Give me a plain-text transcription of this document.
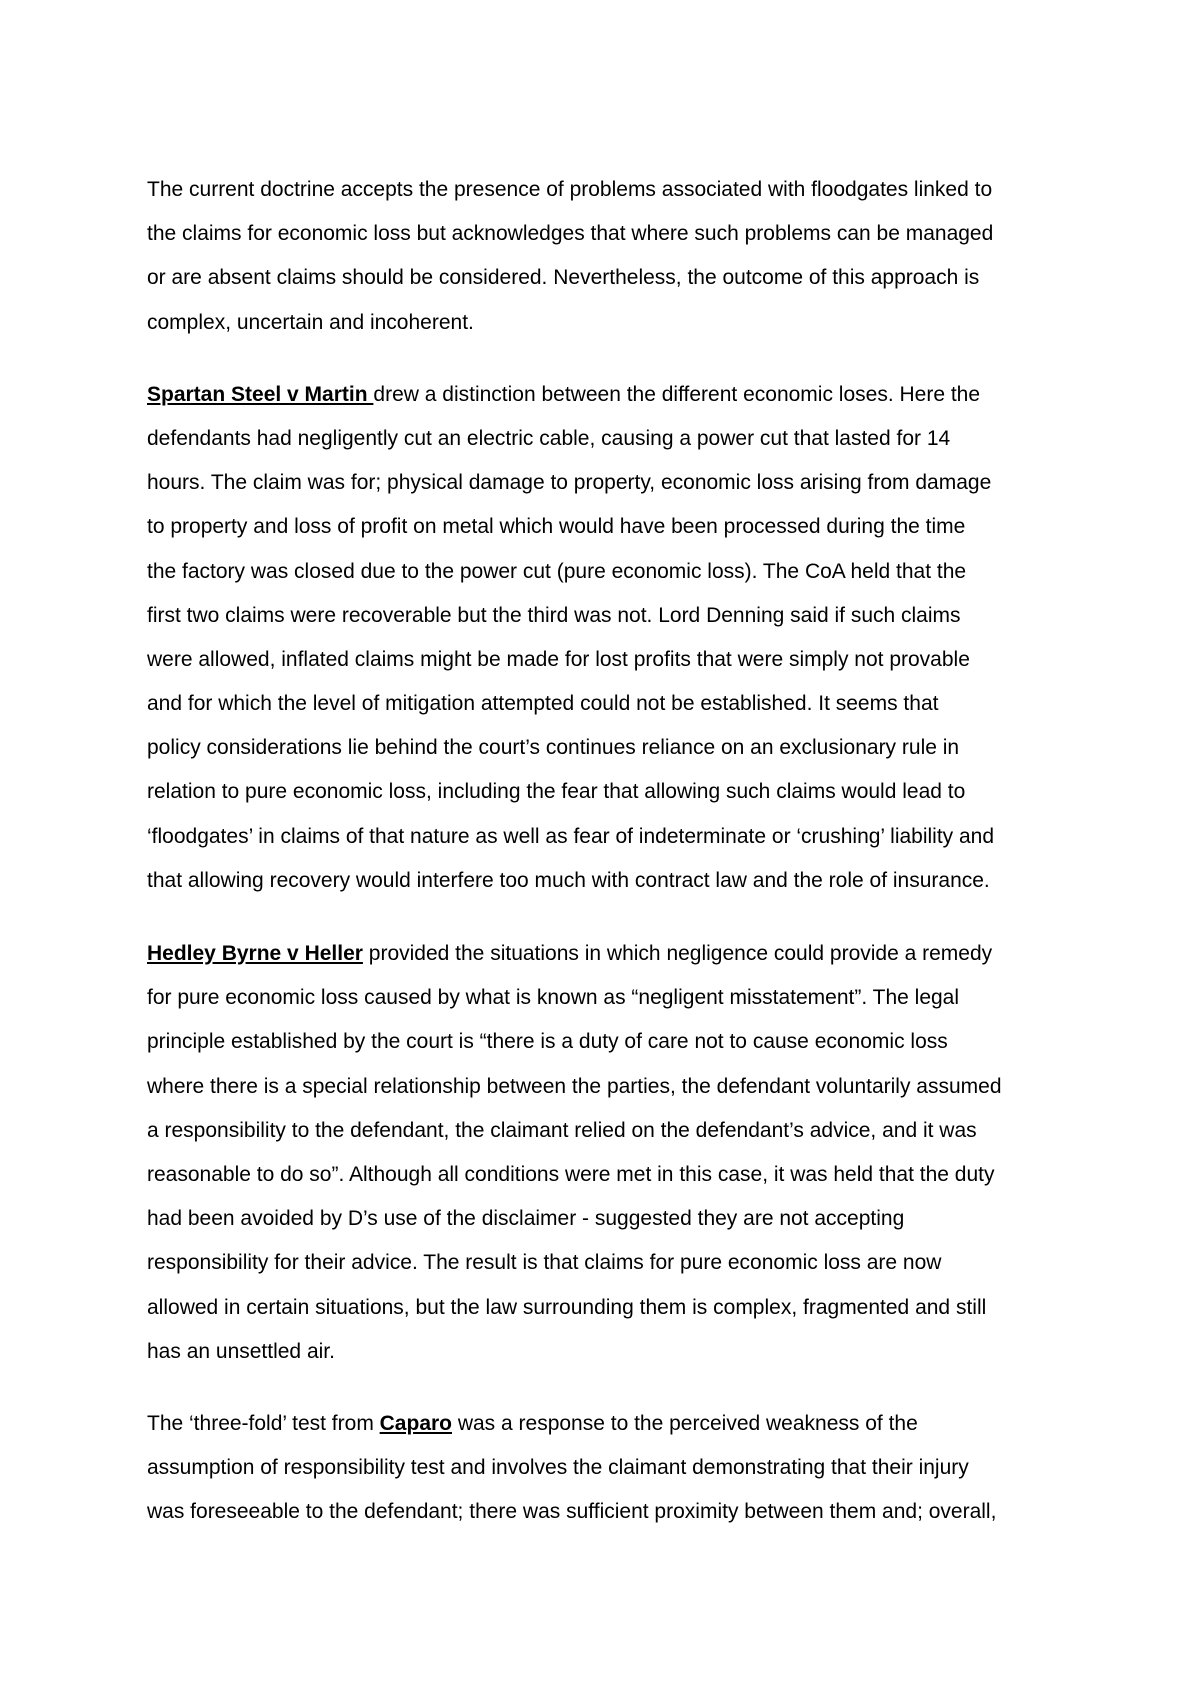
The current doctrine accepts the presence of problems associated with floodgates linked to
the claims for economic loss but acknowledges that where such problems can be managed
or are absent claims should be considered. Nevertheless, the outcome of this approach is
complex, uncertain and incoherent.

Spartan Steel v Martin drew a distinction between the different economic loses. Here the
defendants had negligently cut an electric cable, causing a power cut that lasted for 14
hours. The claim was for; physical damage to property, economic loss arising from damage
to property and loss of profit on metal which would have been processed during the time
the factory was closed due to the power cut (pure economic loss). The CoA held that the
first two claims were recoverable but the third was not. Lord Denning said if such claims
were allowed, inflated claims might be made for lost profits that were simply not provable
and for which the level of mitigation attempted could not be established. It seems that
policy considerations lie behind the court’s continues reliance on an exclusionary rule in
relation to pure economic loss, including the fear that allowing such claims would lead to
‘floodgates’ in claims of that nature as well as fear of indeterminate or ‘crushing’ liability and
that allowing recovery would interfere too much with contract law and the role of insurance.

Hedley Byrne v Heller provided the situations in which negligence could provide a remedy
for pure economic loss caused by what is known as “negligent misstatement”. The legal
principle established by the court is “there is a duty of care not to cause economic loss
where there is a special relationship between the parties, the defendant voluntarily assumed
a responsibility to the defendant, the claimant relied on the defendant’s advice, and it was
reasonable to do so”. Although all conditions were met in this case, it was held that the duty
had been avoided by D’s use of the disclaimer - suggested they are not accepting
responsibility for their advice. The result is that claims for pure economic loss are now
allowed in certain situations, but the law surrounding them is complex, fragmented and still
has an unsettled air.

The ‘three-fold’ test from Caparo was a response to the perceived weakness of the
assumption of responsibility test and involves the claimant demonstrating that their injury
was foreseeable to the defendant; there was sufficient proximity between them and; overall,
